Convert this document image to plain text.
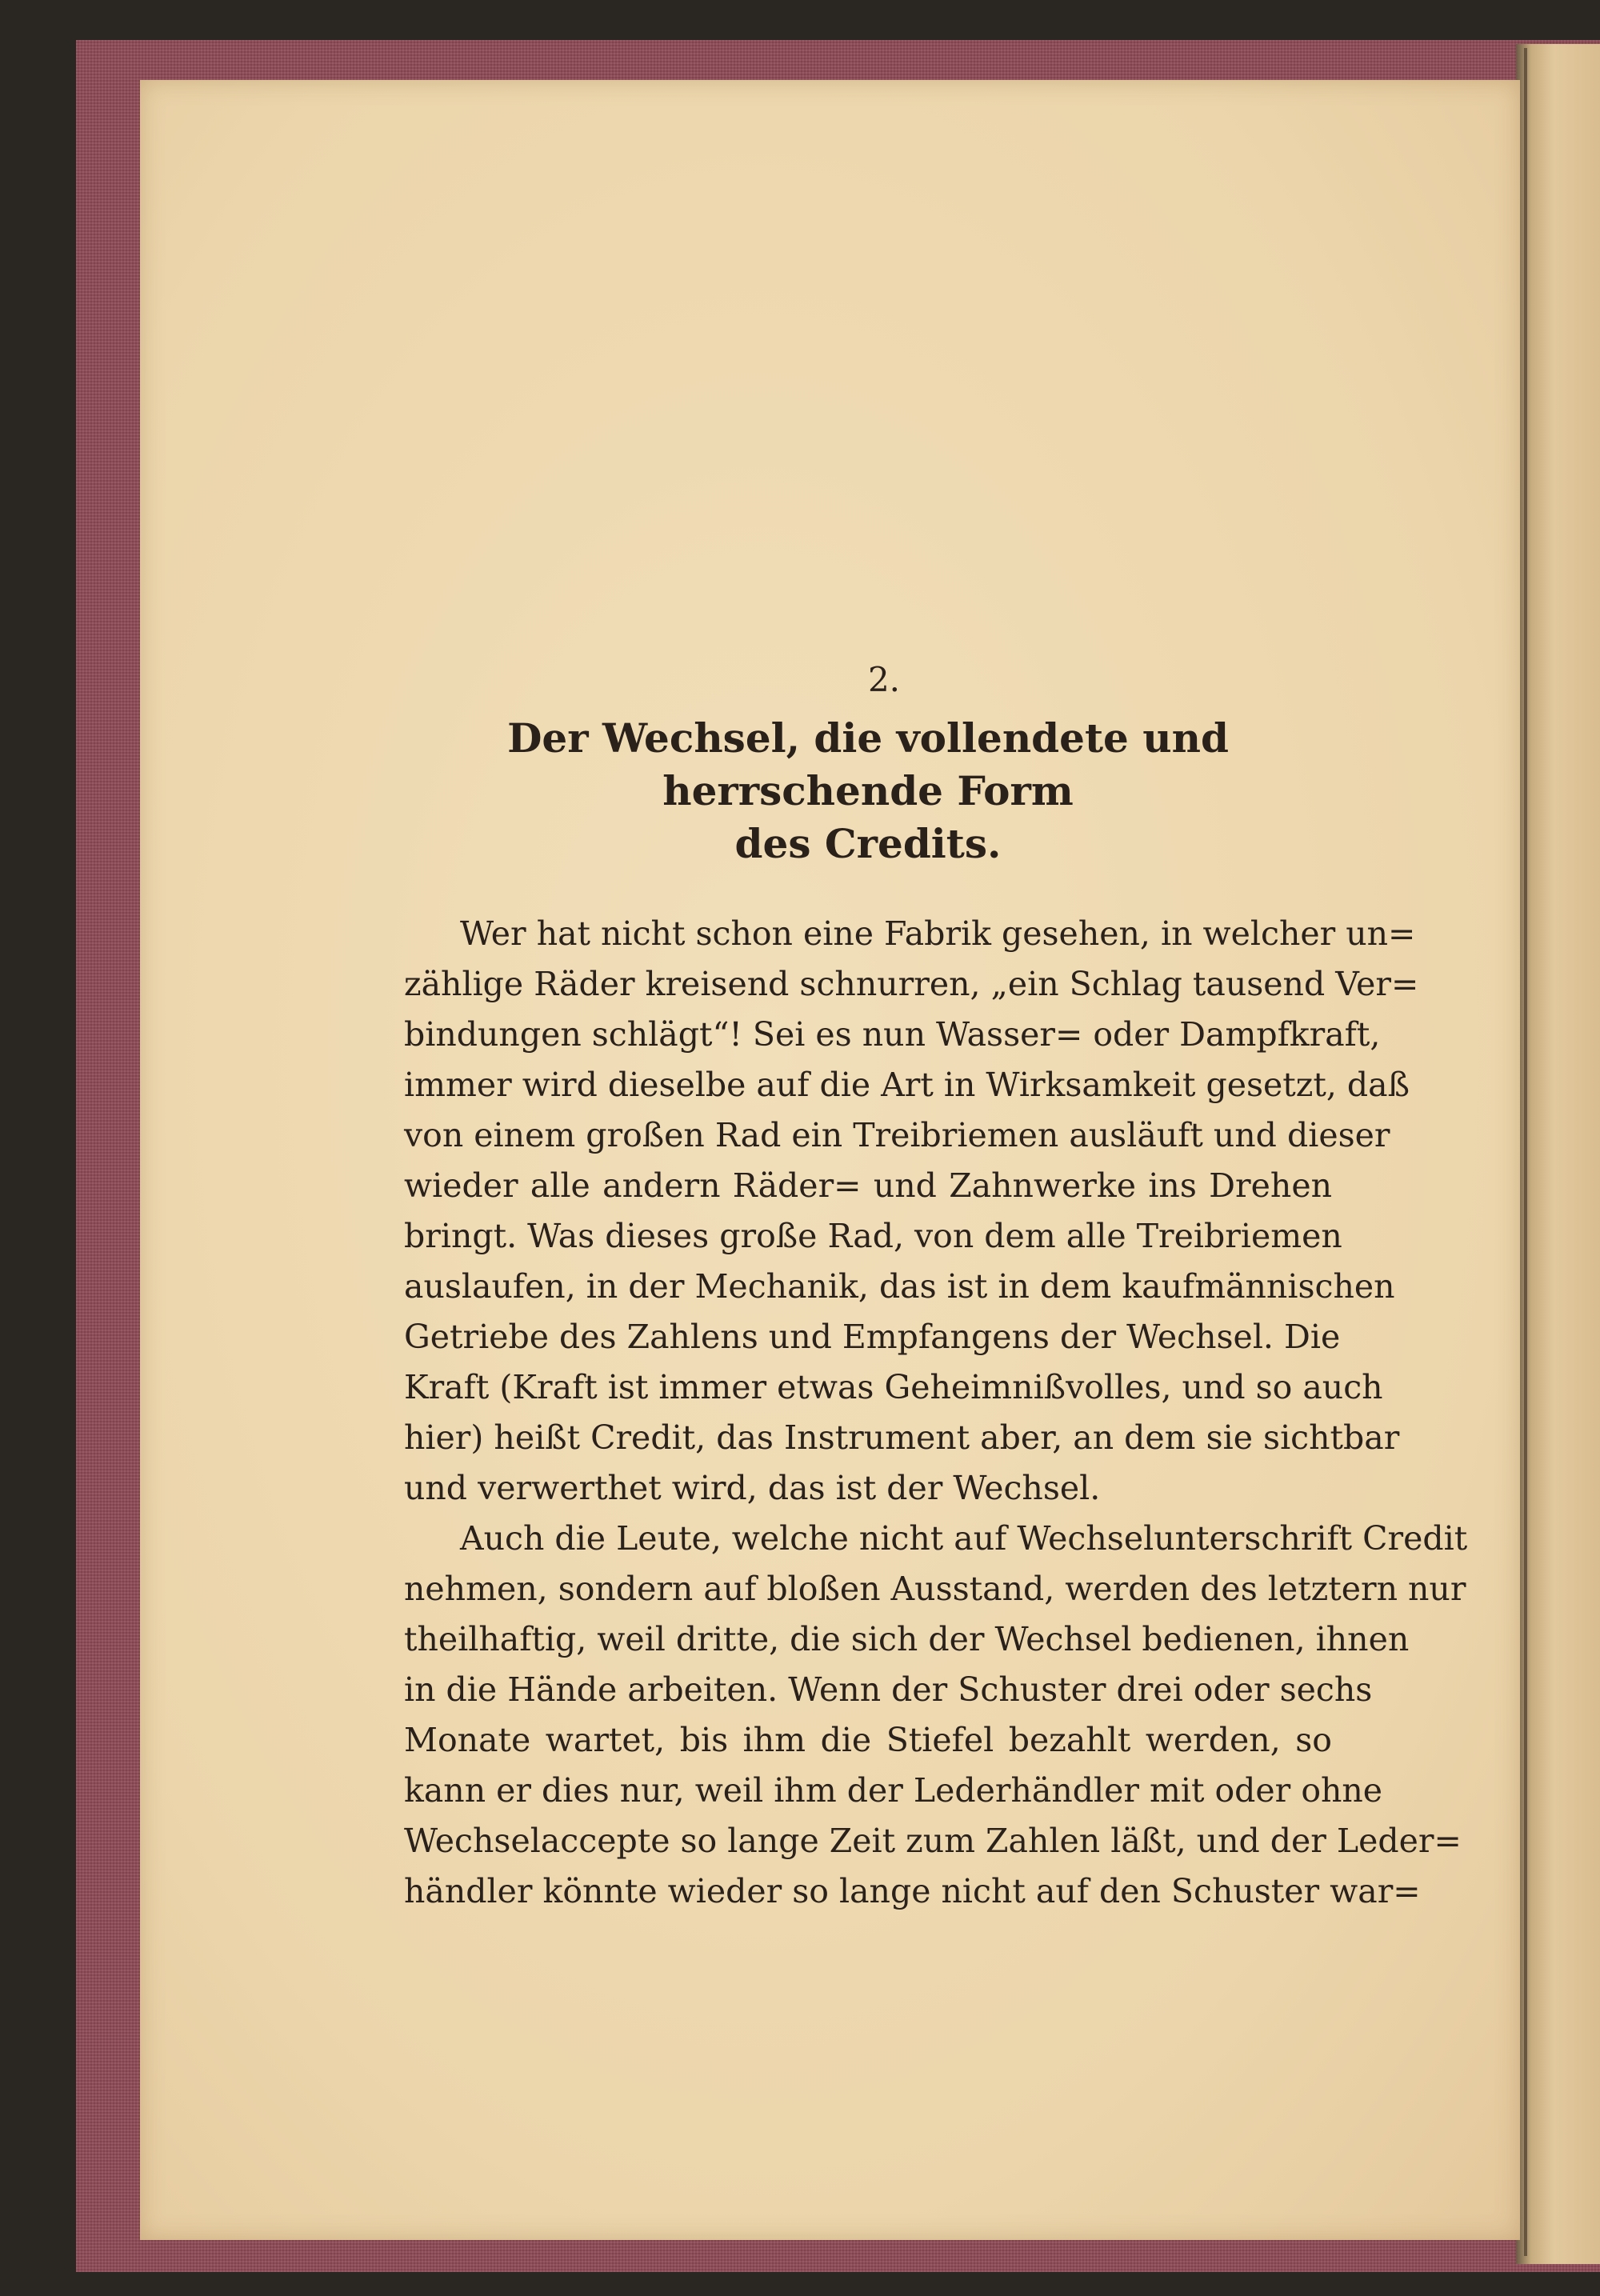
2.
Der Wechsel, die vollendete und herrschende Form
des Credits.

Wer hat nicht schon eine Fabrik gesehen, in welcher un=
zählige Räder kreisend schnurren, „ein Schlag tausend Ver=
bindungen schlägt“! Sei es nun Wasser= oder Dampfkraft,
immer wird dieselbe auf die Art in Wirksamkeit gesetzt, daß
von einem großen Rad ein Treibriemen ausläuft und dieser
wieder alle andern Räder= und Zahnwerke ins Drehen
bringt. Was dieses große Rad, von dem alle Treibriemen
auslaufen, in der Mechanik, das ist in dem kaufmännischen
Getriebe des Zahlens und Empfangens der Wechsel. Die
Kraft (Kraft ist immer etwas Geheimnißvolles, und so auch
hier) heißt Credit, das Instrument aber, an dem sie sichtbar
und verwerthet wird, das ist der Wechsel.

Auch die Leute, welche nicht auf Wechselunterschrift Credit
nehmen, sondern auf bloßen Ausstand, werden des letztern nur
theilhaftig, weil dritte, die sich der Wechsel bedienen, ihnen
in die Hände arbeiten. Wenn der Schuster drei oder sechs
Monate wartet, bis ihm die Stiefel bezahlt werden, so
kann er dies nur, weil ihm der Lederhändler mit oder ohne
Wechselaccepte so lange Zeit zum Zahlen läßt, und der Leder=
händler könnte wieder so lange nicht auf den Schuster war=
